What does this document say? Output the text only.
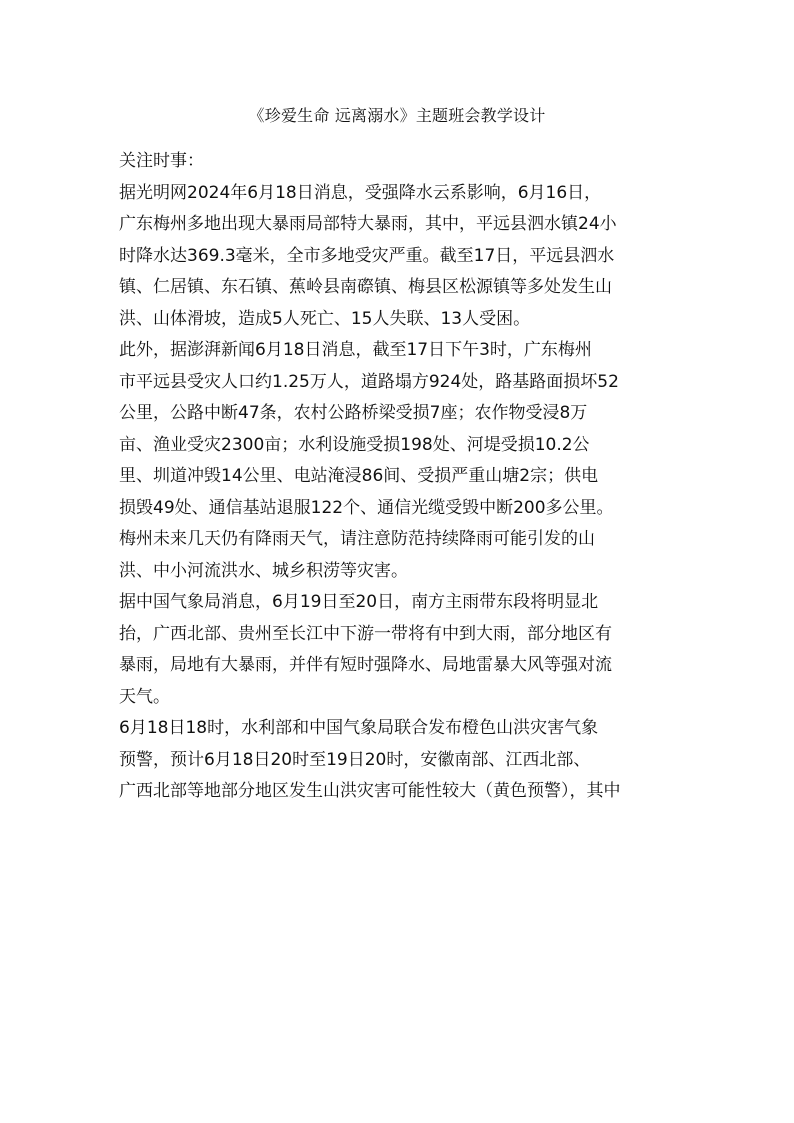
《珍爱生命 远离溺水》主题班会教学设计
关注时事：
据光明网2024年6月18日消息，受强降水云系影响，6月16日，
广东梅州多地出现大暴雨局部特大暴雨，其中，平远县泗水镇24小
时降水达369.3毫米，全市多地受灾严重。截至17日，平远县泗水
镇、仁居镇、东石镇、蕉岭县南磜镇、梅县区松源镇等多处发生山
洪、山体滑坡，造成5人死亡、15人失联、13人受困。
此外，据澎湃新闻6月18日消息，截至17日下午3时，广东梅州
市平远县受灾人口约1.25万人，道路塌方924处，路基路面损坏52
公里，公路中断47条，农村公路桥梁受损7座；农作物受浸8万
亩、渔业受灾2300亩；水利设施受损198处、河堤受损10.2公
里、圳道冲毁14公里、电站淹浸86间、受损严重山塘2宗；供电
损毁49处、通信基站退服122个、通信光缆受毁中断200多公里。
梅州未来几天仍有降雨天气，请注意防范持续降雨可能引发的山
洪、中小河流洪水、城乡积涝等灾害。
据中国气象局消息，6月19日至20日，南方主雨带东段将明显北
抬，广西北部、贵州至长江中下游一带将有中到大雨，部分地区有
暴雨，局地有大暴雨，并伴有短时强降水、局地雷暴大风等强对流
天气。
6月18日18时，水利部和中国气象局联合发布橙色山洪灾害气象
预警，预计6月18日20时至19日20时，安徽南部、江西北部、
广西北部等地部分地区发生山洪灾害可能性较大（黄色预警），其中
